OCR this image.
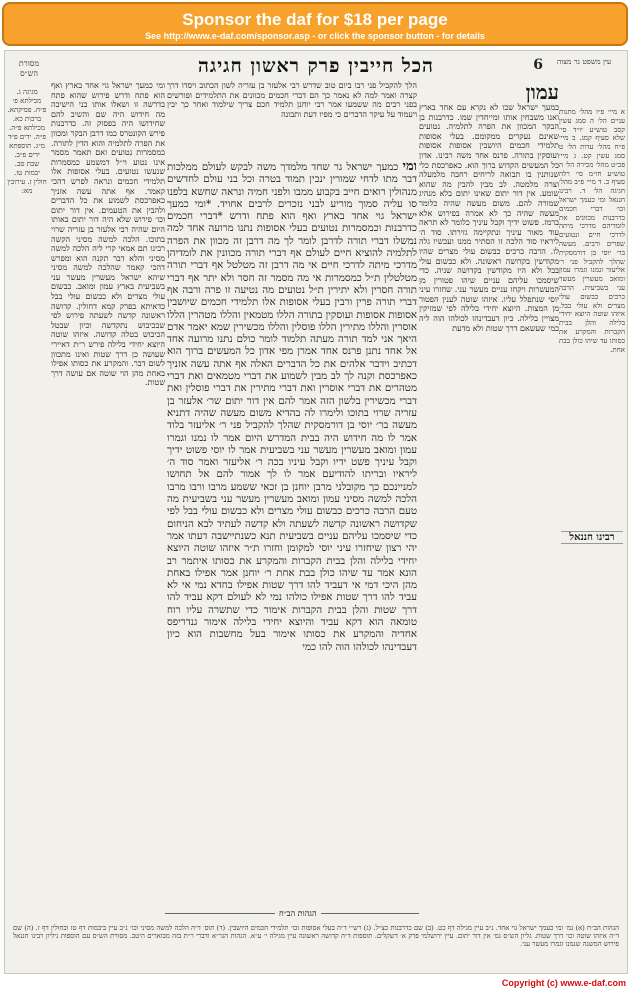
Sponsor the daf for $18 per page
See http://www.e-daf.com/sponsor.asp - or click the sponsor button - for details
הכל חייבין פרק ראשון חגיגה	6	עין משפט נר מצוה
מסורת הש״ס

א מיי׳ פ״ו מהל׳ מתנות עניים הל׳ ה סמג עשין קסב טוש״ע יו״ד סי׳ שלא סעיף קמג. ב מיי׳ פ״ח מהל׳ עדות הל׳ ט סמג עשין קט. ג מיי׳ פכ״ט מהל׳ מכירה הל׳ ה טוש״ע חו״מ סי׳ רלה סעיף כ. ד מיי׳ פ״ב מהל׳ חגיגה הל׳ ד. רבינו חננאל ומי כעמך ישראל וכו׳ דברי חכמים כדרבנות מכוונים את לומדיהם מדרכי מיתה לדרכי חיים ונטועים שפרים ורבים. מעשה בר׳ יוסי בן דורמסקית שהלך להקביל פני ר׳ אליעזר ונמנו וגמרו עמון ומואב מעשרין מעשר עני בשביעית. הרבה כרכים כבשום עולי מצרים ולא עולי בבל. איזהו שוטה היוצא יחידי בלילה והלן בבית הקברות והמקרע את כסותו עד שיהו כולן בבת אחת.

רבינו חננאל
עמון

כמעך ישראל שבו לא נקרא עם אחד בארץ ואנו משבחין אותו ומייחדין שמו. כדרבנות בן הבקר המכוון את הפרה לתלמיה. נטועים שאינם נעקרים ממקומם. בעלי אסופות תלמידי חכמים היושבין אסופות אסופות ועוסקין בתורה. פרנס אחד משה רבינו. אדון כל המעשים הקדוש ברוך הוא. כאפרכסת כלי שנותנין בו תבואה לריחים רחבה מלמעלה וצרה מלמטה. לב מבין להבין מה שהוא שומע. אין דור יתום שאינו יתום בלא מנהיג שמורה להם. משום מעשה שהיה כלומר מעשה שהיה כך לא אמרה בפירוש אלא ברמז. פשוט ידיך וקבל עיניך כלומר לא תראה עוד מאור עיניך ונתקיימה גזירתו. סוד ה׳ ליראיו סוד הלכה זו הסתיר ממנו ועכשיו גלה לו. הרבה כרכים כבשום עולי מצרים שהיו מקודשין בקדושה ראשונה. ולא כבשום עולי בבל ולא היו מקודשין בקדושה שניה. כדי שיסמכו עליהם עניים שיהו פטורין מן המעשרות ויקחו עניים מעשר עני. שחזרו עיני יוסי שנתפלל עליו. איזהו שוטה לענין הפטור מן המצות. היוצא יחידי בלילה לפי שמזיקין מצויין בלילה. כיון דעבדינהו לכולהו הוה ליה כמי שעשאם דרך שטות ולא מדעת

הלך להקביל פני רבו ביום טוב שדרש רבי אלעזר בן עזריה לשון הכתוב ויסדו דרך קצרה ואמר למה לא נאמר כך הם דברי חכמים מכוונים את התלמידים ופורשים בפני רבים מה ששמעו אמר רבי יוחנן תלמיד חכם צריך שילמוד ואחר כך יבין ויעמוד על עיקר הדברים כי מפיו דעת ותבונה

ומי כמעך ישראל גר שחד מלמדך משה לבקש לעולם ממלכות דבר מתו לדחי שמורין ינכין תמוד בטרה וכל בני עולם לחדשים מנהולין רואים חייב בקבוע ממבו ולפני חמיה ונראה שחשא בלפנו סו עליה סמוך מוריע לבני נזכרים לרבים אחויד. *ומי כמעך ישראל גוי אחד בארץ ואף הוא פתח ודרש *דברי חכמים כדרבנות וכמסמרות נטועים בעלי אסופות נתנו מרועה אחד למה נמשלו דברי תורה לדרבן לומר לך מה דרבן זה מכוון את הפרה לתלמיה להוציא חיים לעולם אף דברי תורה מכוונין את לומדיהן מדרכי מיתה לדרכי חיים אי מה דרבן זה מטלטל אף דברי תורה מטלטלין ת״ל כמסמרות אי מה מסמר זה חסר ולא יתר אף דברי תורה חסרין ולא יתירין ת״ל נטועים מה נטיעה זו פרה ורבה אף דברי תורה פרין ורבין בעלי אסופות אלו תלמידי חכמים שיושבין אסופות אסופות ועוסקין בתורה הללו מטמאין והללו מטהרין הללו אוסרין והללו מתירין הללו פוסלין והללו מכשירין שמא יאמר אדם היאך אני למד תורה מעתה תלמוד לומר כולם נתנו מרועה אחד אל אחד נתנן פרנס אחד אמרן מפי אדון כל המעשים ברוך הוא דכתיב וידבר אלהים את כל הדברים האלה אף אתה עשה אזניך כאפרכסת וקנה לך לב מבין לשמוע את דברי מטמאים ואת דברי מטהרים את דברי אוסרין ואת דברי מתירין את דברי פוסלין ואת דברי מכשירין בלשון הזה אמר להם אין דור יתום שר׳ אלעזר בן עזריה שרוי בתוכו ולימרו לה בהדיא משום מעשה שהיה דתניא מעשה בר׳ יוסי בן דורמסקית שהלך להקביל פני ר׳ אליעזר בלוד אמר לו מה חידוש היה בבית המדרש היום אמר לו נמנו וגמרו עמון ומואב מעשרין מעשר עני בשביעית אמר לו יוסי פשוט ידיך וקבל עיניך פשט ידיו וקבל עיניו בכה ר׳ אליעזר ואמר סוד ה׳ ליראיו ובריתו להודיעם אמר לו לך אמור להם אל תחושו למניינכם כך מקובלני מרבן יוחנן בן זכאי ששמע מרבו ורבו מרבו הלכה למשה מסיני עמון ומואב מעשרין מעשר עני בשביעית מה טעם הרבה כרכים כבשום עולי מצרים ולא כבשום עולי בבל לפי שקדושה ראשונה קדשה לשעתה ולא קדשה לעתיד לבא הניחום כדי שיסמכו עליהם עניים בשביעית תנא כשנתיישבה דעתו אמר יהי רצון שיחזרו עיני יוסי למקומן וחזרו ת״ר איזהו שוטה היוצא יחידי בלילה והלן בבית הקברות והמקרע את כסותו איתמר רב הונא אמר עד שיהו כולן בבת אחת ר׳ יוחנן אמר אפילו באחת מהן היכי דמי אי דעביד להו דרך שטות אפילו בחדא נמי אי לא עביד להו דרך שטות אפילו כולהו נמי לא לעולם דקא עביד להו דרך שטות והלן בבית הקברות אימור כדי שתשרה עליו רוח טומאה הוא דקא עביד והיוצא יחידי בלילה אימור גנדריפס אחדיה והמקרע את כסותו אימור בעל מחשבות הוא כיון דעבדינהו לכולהו הוה להו כמי

ומי כמעך ישראל גוי אחד בארץ ואף הוא פתח ודרש פירוש שהוא פתח בדרשה זו ושאלו אותו בני הישיבה מה חידוש היה שם והשיב להם שחידושו היה בפסוק זה. כדרבנות פירש הקונטרס כמו דרבן הבקר ומכוון את הפרה לתלמיה והוא הדין לתורה. כמסמרות נטועים ואם תאמר מסמר אינו נטוע וי״ל דמשמע כמסמרות שנעשו נטועים. בעלי אסופות אלו תלמידי חכמים ונראה לפרש דהכי קאמר. אף אתה עשה אזניך כאפרכסת לשמוע את כל הדברים ולהבין את הטעמים. אין דור יתום וכו׳ פירוש שלא היה דור יתום באותו היום שהיה רבי אלעזר בן עזריה שרוי בתוכו. הלכה למשה מסיני הקשה רבינו תם אמאי קרי ליה הלכה למשה מסיני והלא דבר תקנה הוא ומפרש דהכי קאמר שהלכה למשה מסיני שיהא ישראל מעשרין מעשר עני בשביעית בארץ עמון ומואב. כבשום עולי מצרים ולא כבשום עולי בבל כדאיתא בפרק קמא דחולין. קדושה ראשונה קדשה לשעתה פירוש לפי שבכיבוש נתקדשה וכיון שבטל הכיבוש בטלה קדושה. איזהו שוטה היוצא יחידי בלילה פירש ר״ת דאיירי שעושה כן דרך שטות ואינו מתכוון לשום דבר. והמקרע את כסותו אפילו באחת מהן הוי שוטה אם עושה דרך שטות.

מגיגה ג. מכילתא פ׳ פ״ח. פסיקתא. ברכות כא. מכילתא פ״ה. פ״ה. ידים פ״ד מ״ג. תוספתא ידים פ״ב. שבת סב. יבמות טז. חולין ז. עירובין מא:

הגהות הב״ח

הגהות הב״ח (א) גמ׳ ומי כעמך ישראל גוי אחד. נ״ב עיין מגילה דף כט. (ב) שם כדרבנות כצ״ל. (ג) רש״י ד״ה בעלי אסופות וכו׳ תלמידי חכמים היושבין. (ד) תוס׳ ד״ה הלכה למשה מסיני וכו׳ נ״ב עיין ביבמות דף טז ובחולין דף ז. (ה) שם ד״ה איזהו שוטה וכו׳ דרך שטות. גליון הש״ס גמ׳ אין דור יתום. עיין ירושלמי פרק א׳ דשקלים. תוספות ד״ה קדושה ראשונה עיין מגילה י׳ ע״א. הגהות הגר״א ודברי ר״ת בזה מבוארים היטב. מסורת הש״ס עם הוספות גיליון רבינו חננאל פירוש המשנה שנמנו וגמרו מעשר עני.

Copyright (c) www.e-daf.com
